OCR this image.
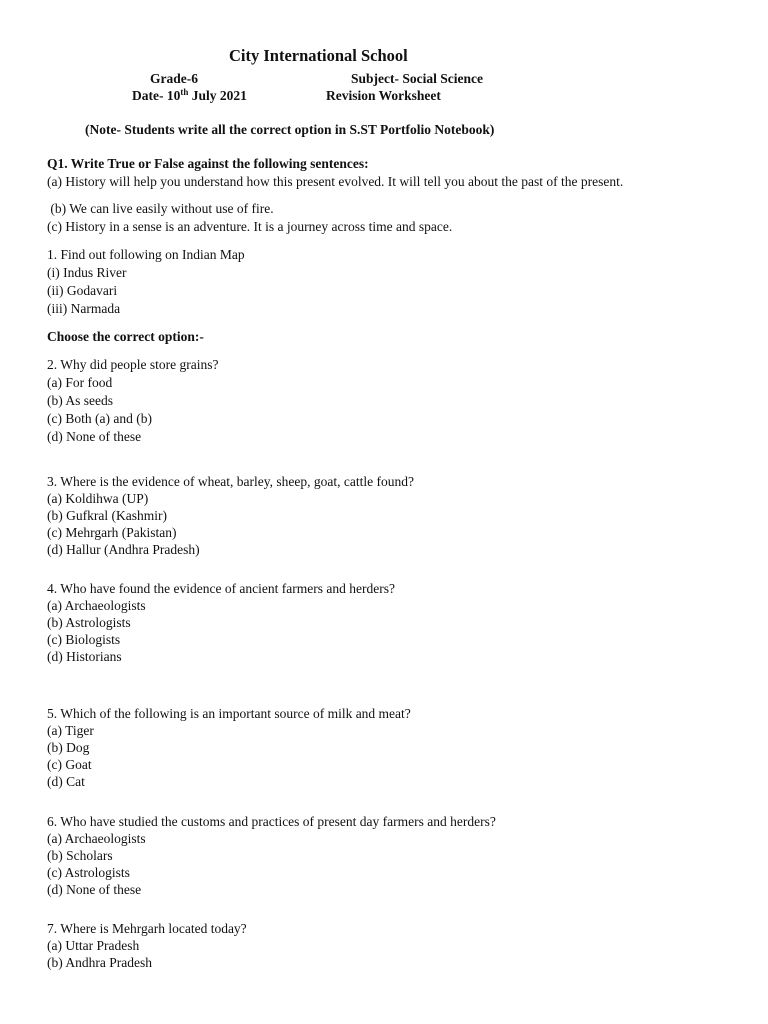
City International School
Grade-6	Subject- Social Science
Date- 10th July 2021	Revision Worksheet
(Note- Students write all the correct option in S.ST Portfolio Notebook)
Q1. Write True or False against the following sentences:
(a) History will help you understand how this present evolved. It will tell you about the past of the present.
(b) We can live easily without use of fire.
(c) History in a sense is an adventure. It is a journey across time and space.
1. Find out following on Indian Map
(i) Indus River
(ii) Godavari
(iii) Narmada
Choose the correct option:-
2. Why did people store grains?
(a) For food
(b) As seeds
(c) Both (a) and (b)
(d) None of these
3. Where is the evidence of wheat, barley, sheep, goat, cattle found?
(a) Koldihwa (UP)
(b) Gufkral (Kashmir)
(c) Mehrgarh (Pakistan)
(d) Hallur (Andhra Pradesh)
4. Who have found the evidence of ancient farmers and herders?
(a) Archaeologists
(b) Astrologists
(c) Biologists
(d) Historians
5. Which of the following is an important source of milk and meat?
(a) Tiger
(b) Dog
(c) Goat
(d) Cat
6. Who have studied the customs and practices of present day farmers and herders?
(a) Archaeologists
(b) Scholars
(c) Astrologists
(d) None of these
7. Where is Mehrgarh located today?
(a) Uttar Pradesh
(b) Andhra Pradesh
